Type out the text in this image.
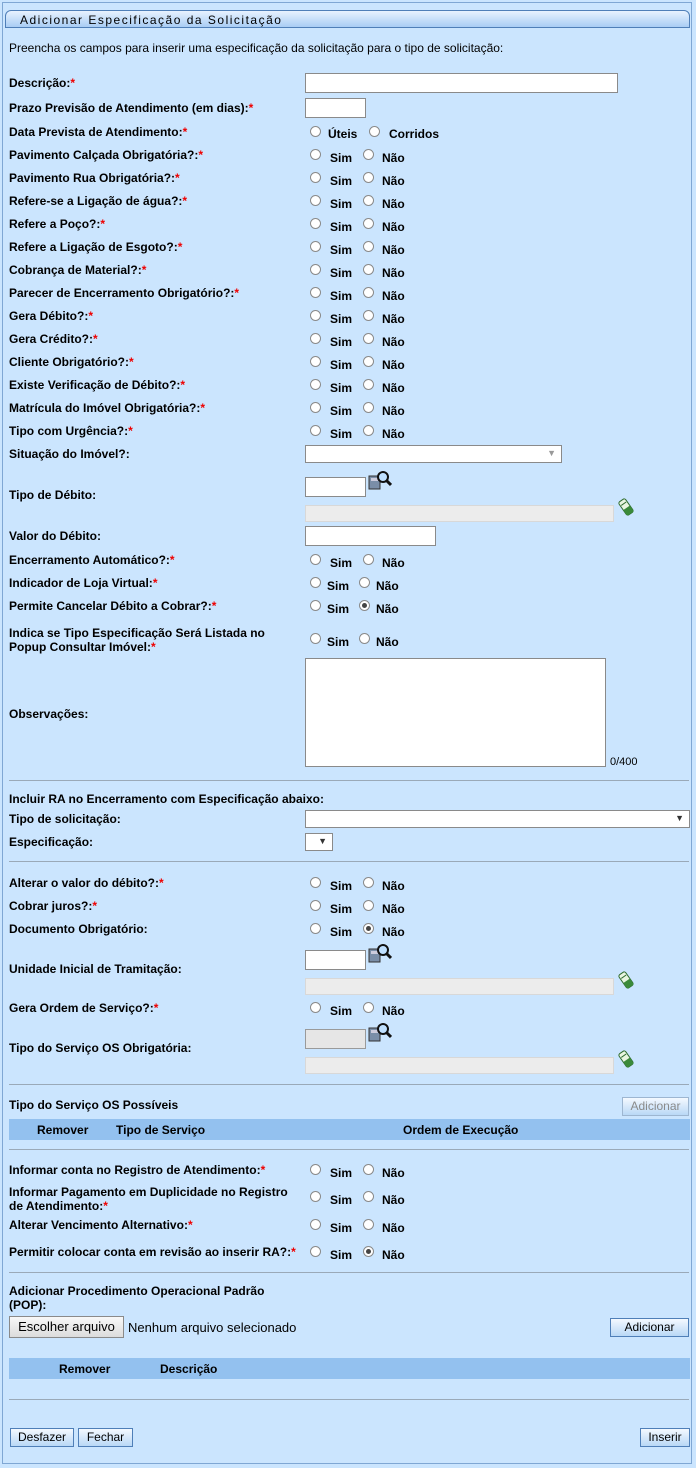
Adicionar Especificação da Solicitação
Preencha os campos para inserir uma especificação da solicitação para o tipo de solicitação:
Descrição:*
Prazo Previsão de Atendimento (em dias):*
Data Prevista de Atendimento:*	Úteis	Corridos
Pavimento Calçada Obrigatória?:*	Sim Não
Pavimento Rua Obrigatória?:*	Sim Não
Refere-se a Ligação de água?:*	Sim Não
Refere a Poço?:*	Sim Não
Refere a Ligação de Esgoto?:*	Sim Não
Cobrança de Material?:*	Sim Não
Parecer de Encerramento Obrigatório?:*	Sim Não
Gera Débito?:*	Sim Não
Gera Crédito?:*	Sim Não
Cliente Obrigatório?:*	Sim Não
Existe Verificação de Débito?:*	Sim Não
Matrícula do Imóvel Obrigatória?:*	Sim Não
Tipo com Urgência?:*	Sim Não
Situação do Imóvel?:	▼
Tipo de Débito:
Valor do Débito:
Encerramento Automático?:*	Sim Não
Indicador de Loja Virtual:*	Sim Não
Permite Cancelar Débito a Cobrar?:*	Sim Não
Indica se Tipo Especificação Será Listada no
Popup Consultar Imóvel:*	Sim Não
Observações:
0/400
Incluir RA no Encerramento com Especificação abaixo:
Tipo de solicitação:	▼
Especificação:	▼
Alterar o valor do débito?:*	Sim Não
Cobrar juros?:*	Sim Não
Documento Obrigatório:	Sim Não
Unidade Inicial de Tramitação:
Gera Ordem de Serviço?:*	Sim Não
Tipo do Serviço OS Obrigatória:
Tipo do Serviço OS Possíveis	Adicionar
Remover Tipo de Serviço	Ordem de Execução
Informar conta no Registro de Atendimento:*	Sim Não
Informar Pagamento em Duplicidade no Registro
de Atendimento:*	Sim Não
Alterar Vencimento Alternativo:*	Sim Não
Permitir colocar conta em revisão ao inserir RA?:*	Sim Não
Adicionar Procedimento Operacional Padrão
(POP):
Escolher arquivo	Nenhum arquivo selecionado	Adicionar
Remover	Descrição
Desfazer	Fechar	Inserir
